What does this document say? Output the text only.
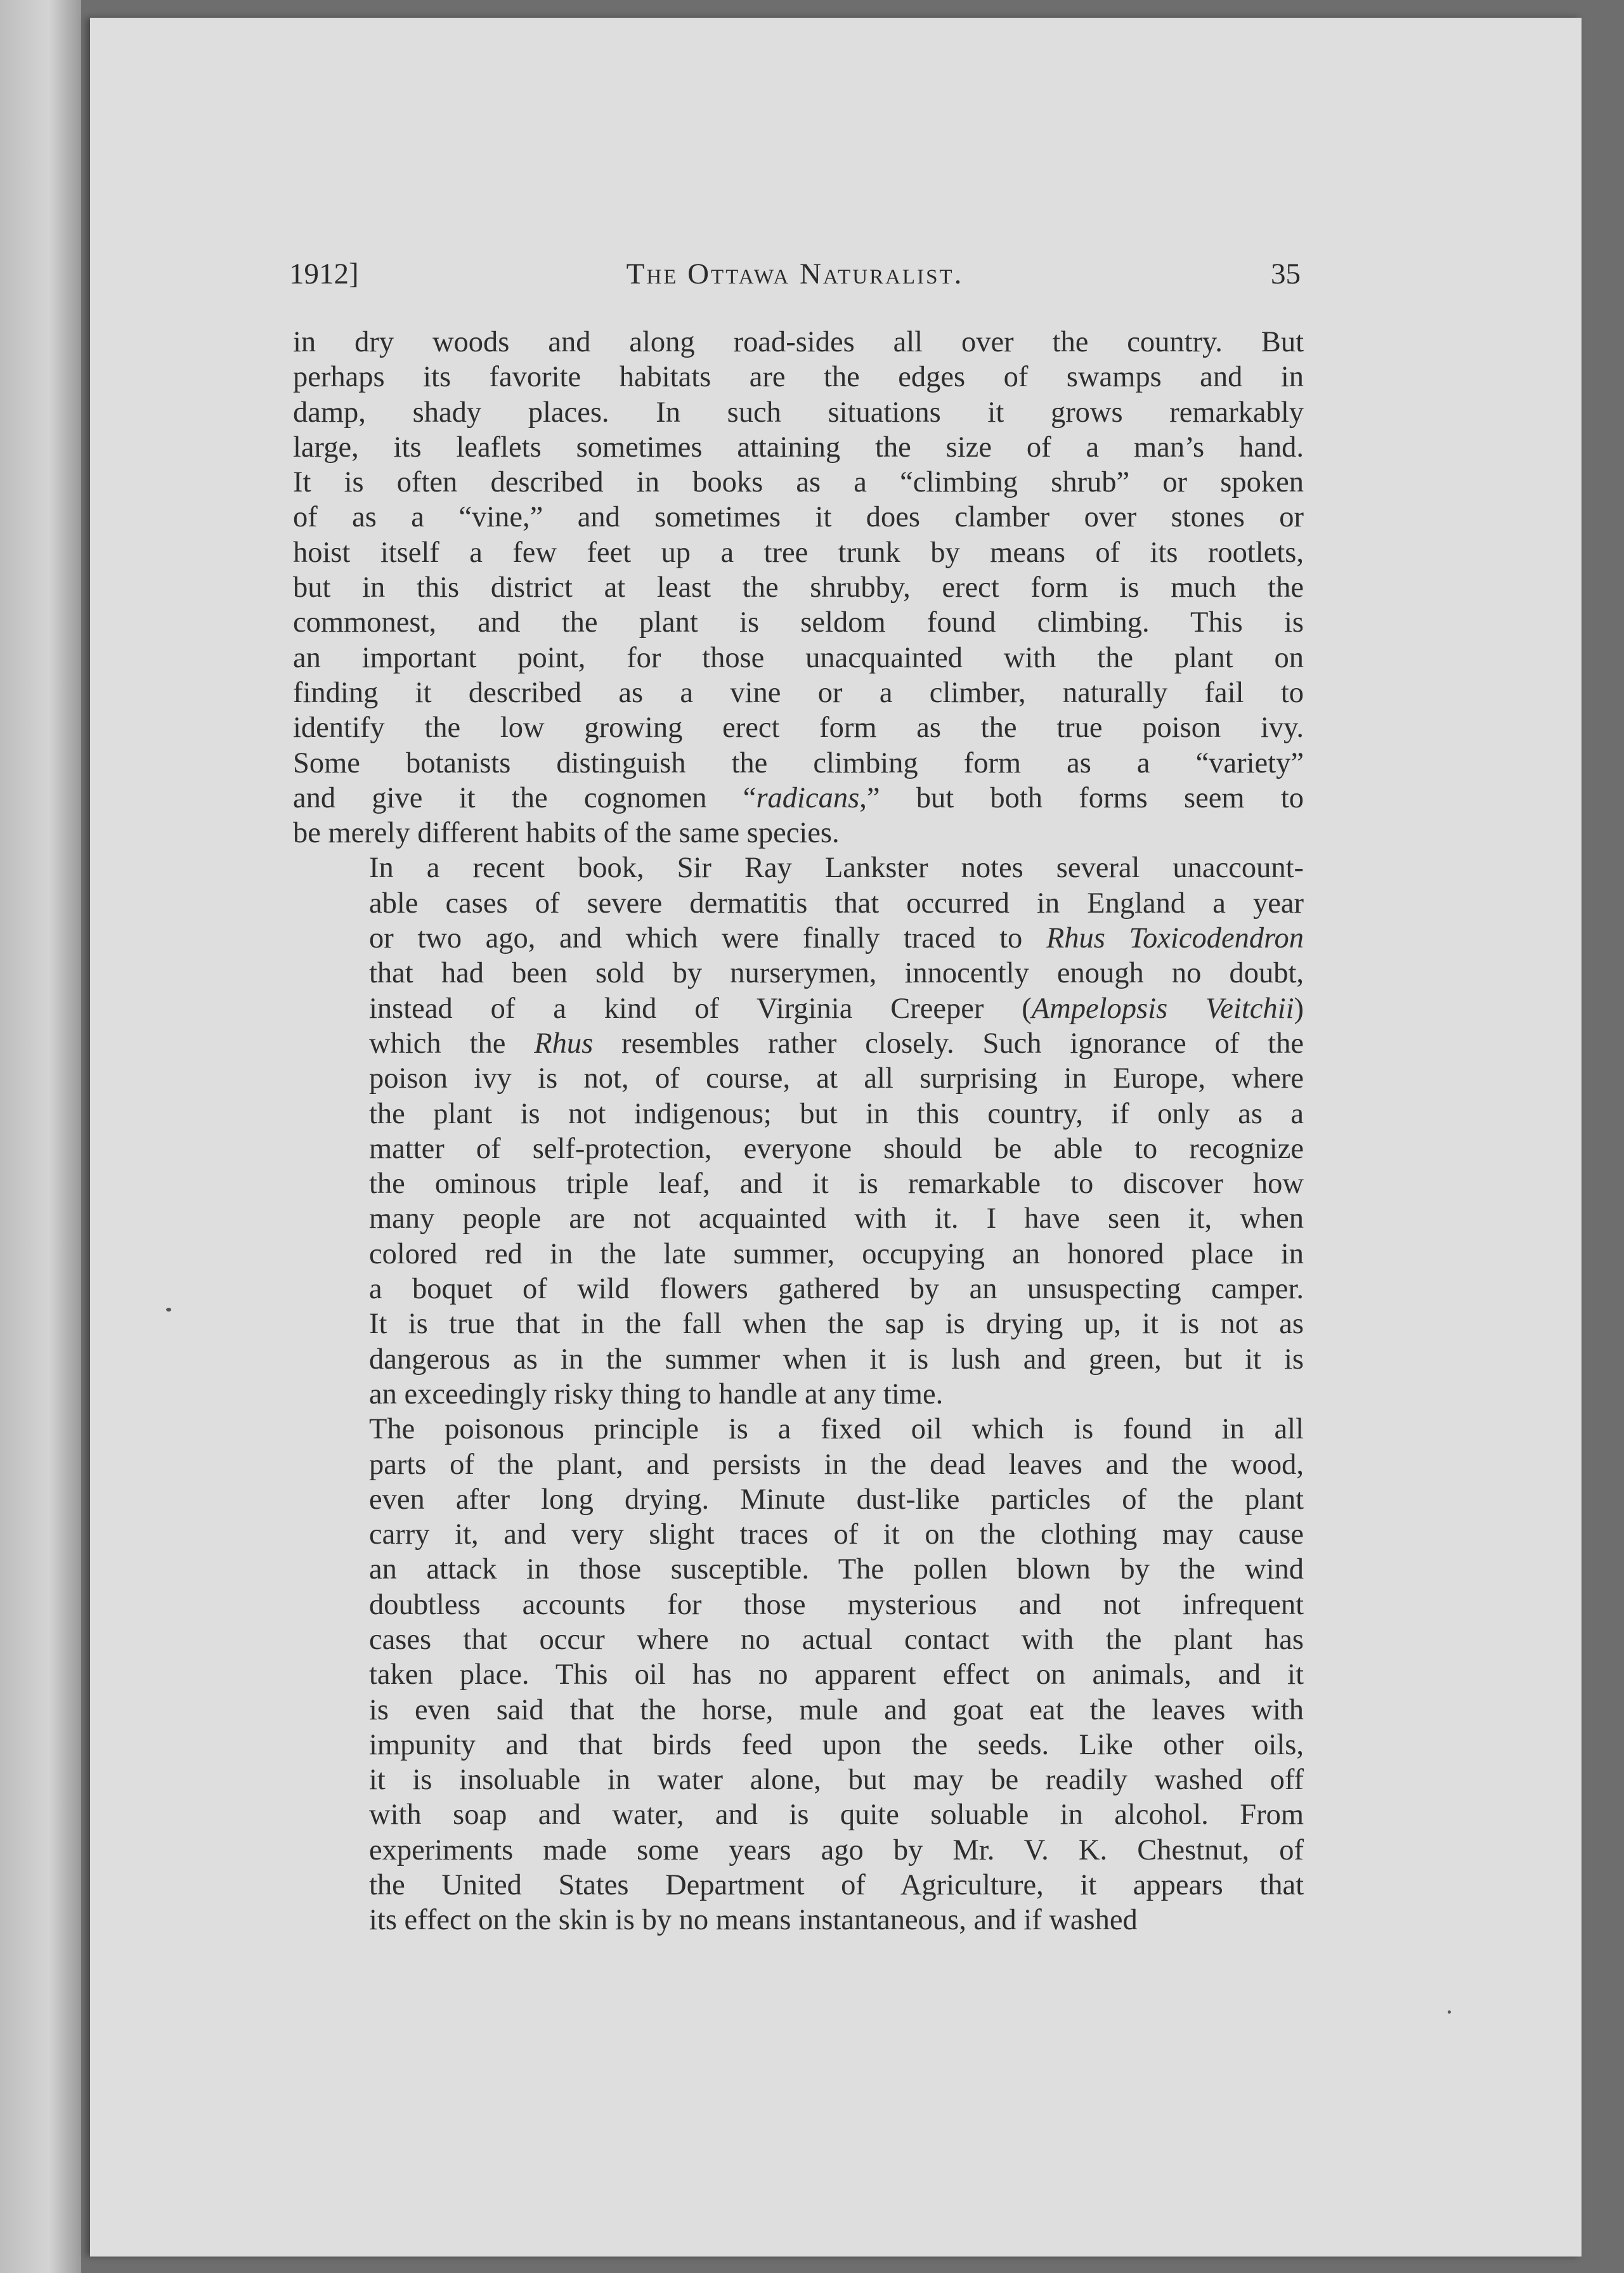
1912]	The Ottawa Naturalist.	35

in dry woods and along road-sides all over the country. But
perhaps its favorite habitats are the edges of swamps and in
damp, shady places. In such situations it grows remarkably
large, its leaflets sometimes attaining the size of a man’s hand.
It is often described in books as a “climbing shrub” or spoken
of as a “vine,” and sometimes it does clamber over stones or
hoist itself a few feet up a tree trunk by means of its rootlets,
but in this district at least the shrubby, erect form is much the
commonest, and the plant is seldom found climbing. This is
an important point, for those unacquainted with the plant on
finding it described as a vine or a climber, naturally fail to
identify the low growing erect form as the true poison ivy.
Some botanists distinguish the climbing form as a “variety”
and give it the cognomen “radicans,” but both forms seem to
be merely different habits of the same species.

In a recent book, Sir Ray Lankster notes several unaccount-
able cases of severe dermatitis that occurred in England a year
or two ago, and which were finally traced to Rhus Toxicodendron
that had been sold by nurserymen, innocently enough no doubt,
instead of a kind of Virginia Creeper (Ampelopsis Veitchii)
which the Rhus resembles rather closely. Such ignorance of the
poison ivy is not, of course, at all surprising in Europe, where
the plant is not indigenous; but in this country, if only as a
matter of self-protection, everyone should be able to recognize
the ominous triple leaf, and it is remarkable to discover how
many people are not acquainted with it. I have seen it, when
colored red in the late summer, occupying an honored place in
a boquet of wild flowers gathered by an unsuspecting camper.
It is true that in the fall when the sap is drying up, it is not as
dangerous as in the summer when it is lush and green, but it is
an exceedingly risky thing to handle at any time.

The poisonous principle is a fixed oil which is found in all
parts of the plant, and persists in the dead leaves and the wood,
even after long drying. Minute dust-like particles of the plant
carry it, and very slight traces of it on the clothing may cause
an attack in those susceptible. The pollen blown by the wind
doubtless accounts for those mysterious and not infrequent
cases that occur where no actual contact with the plant has
taken place. This oil has no apparent effect on animals, and it
is even said that the horse, mule and goat eat the leaves with
impunity and that birds feed upon the seeds. Like other oils,
it is insoluable in water alone, but may be readily washed off
with soap and water, and is quite soluable in alcohol. From
experiments made some years ago by Mr. V. K. Chestnut, of
the United States Department of Agriculture, it appears that
its effect on the skin is by no means instantaneous, and if washed
